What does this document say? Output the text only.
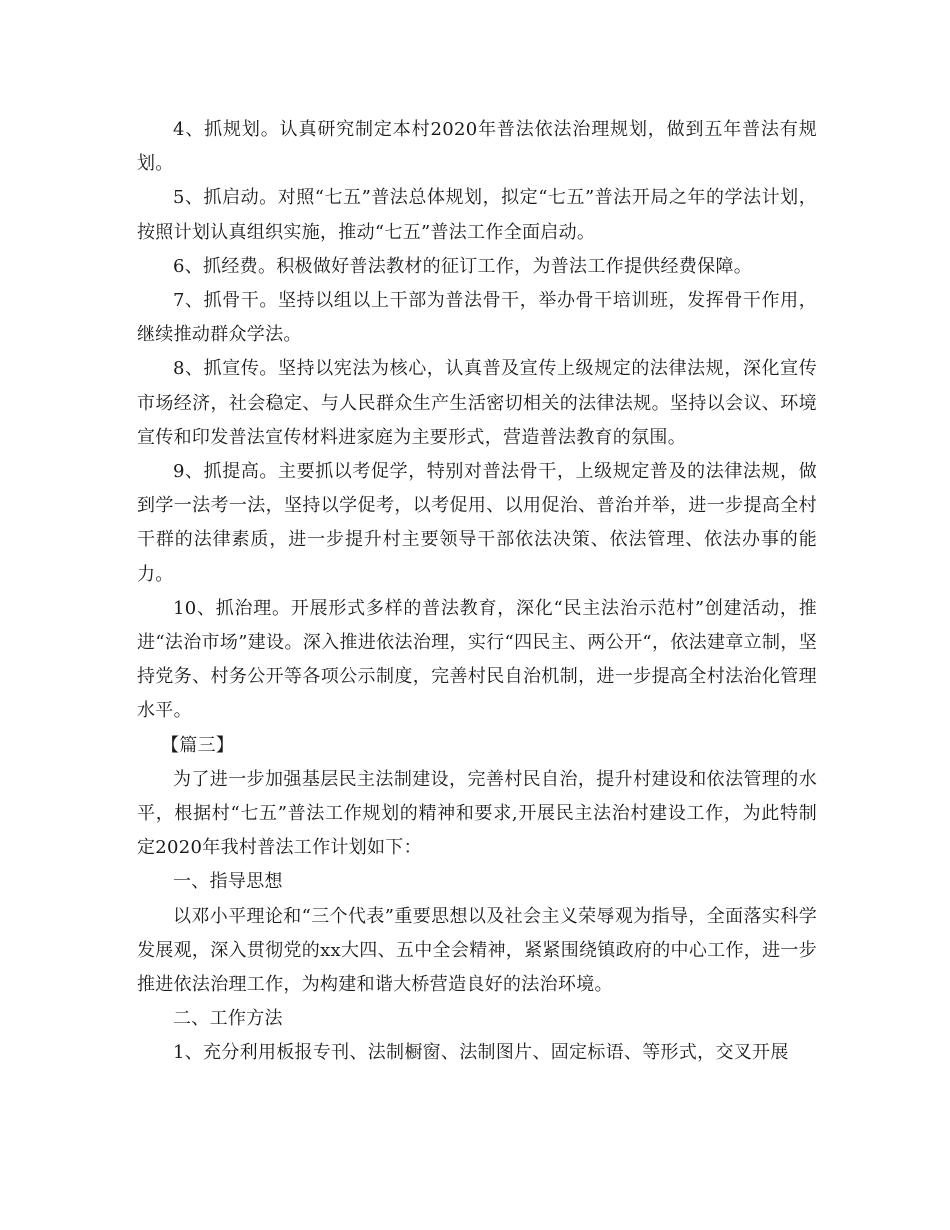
4、抓规划。认真研究制定本村2020年普法依法治理规划，做到五年普法有规划。

5、抓启动。对照“七五”普法总体规划，拟定“七五”普法开局之年的学法计划，按照计划认真组织实施，推动“七五”普法工作全面启动。

6、抓经费。积极做好普法教材的征订工作，为普法工作提供经费保障。

7、抓骨干。坚持以组以上干部为普法骨干，举办骨干培训班，发挥骨干作用，继续推动群众学法。

8、抓宣传。坚持以宪法为核心，认真普及宣传上级规定的法律法规，深化宣传市场经济，社会稳定、与人民群众生产生活密切相关的法律法规。坚持以会议、环境宣传和印发普法宣传材料进家庭为主要形式，营造普法教育的氛围。

9、抓提高。主要抓以考促学，特别对普法骨干，上级规定普及的法律法规，做到学一法考一法，坚持以学促考，以考促用、以用促治、普治并举，进一步提高全村干群的法律素质，进一步提升村主要领导干部依法决策、依法管理、依法办事的能力。

10、抓治理。开展形式多样的普法教育，深化“民主法治示范村”创建活动，推进“法治市场”建设。深入推进依法治理，实行“四民主、两公开“，依法建章立制，坚持党务、村务公开等各项公示制度，完善村民自治机制，进一步提高全村法治化管理水平。

【篇三】

为了进一步加强基层民主法制建设，完善村民自治，提升村建设和依法管理的水平，根据村“七五”普法工作规划的精神和要求,开展民主法治村建设工作，为此特制定2020年我村普法工作计划如下：

一、指导思想

以邓小平理论和“三个代表”重要思想以及社会主义荣辱观为指导，全面落实科学发展观，深入贯彻党的xx大四、五中全会精神，紧紧围绕镇政府的中心工作，进一步推进依法治理工作，为构建和谐大桥营造良好的法治环境。

二、工作方法

1、充分利用板报专刊、法制橱窗、法制图片、固定标语、等形式，交叉开展
